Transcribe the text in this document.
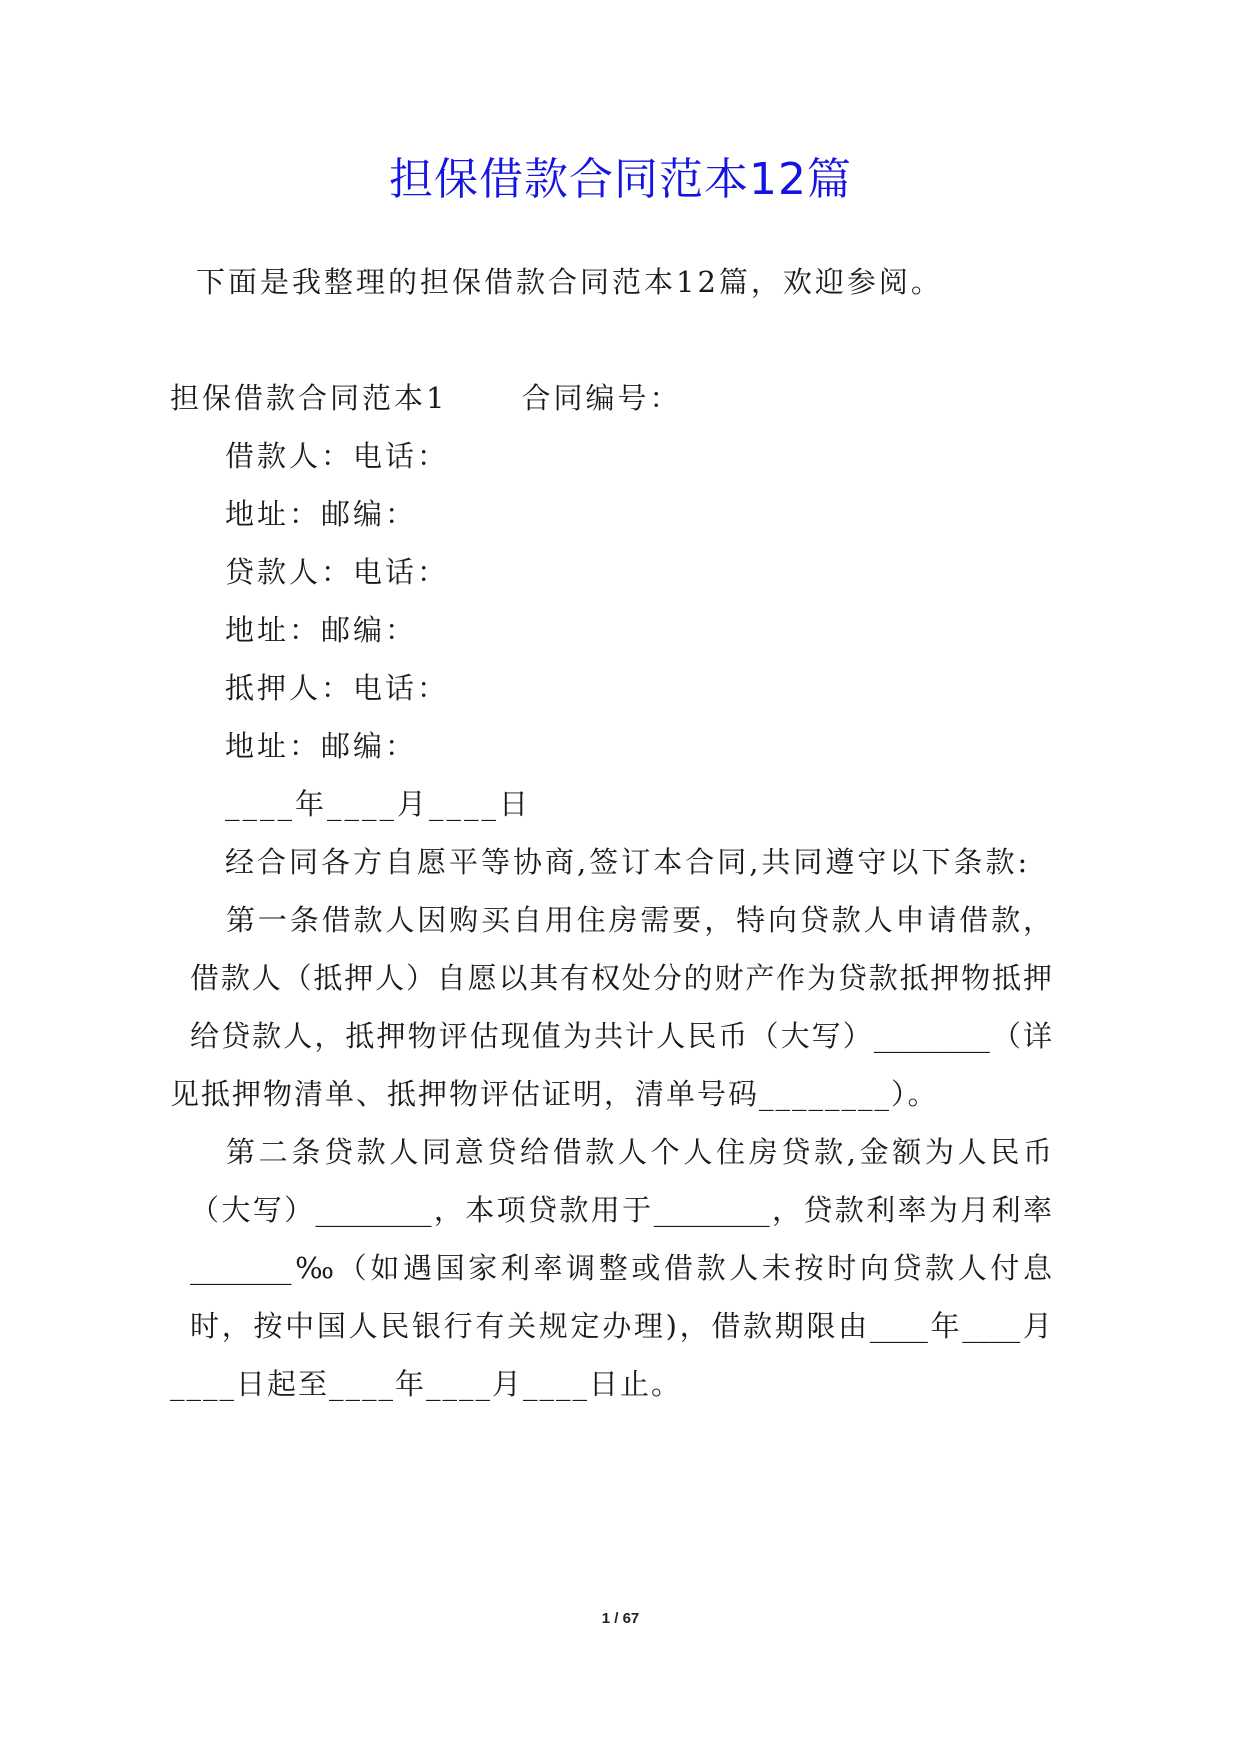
担保借款合同范本12篇
下面是我整理的担保借款合同范本12篇，欢迎参阅。
担保借款合同范本1	合同编号：
借款人：电话：
地址：邮编：
贷款人：电话：
地址：邮编：
抵押人：电话：
地址：邮编：
____年____月____日
经合同各方自愿平等协商,签订本合同,共同遵守以下条款:
第一条借款人因购买自用住房需要，特向贷款人申请借款，
借款人（抵押人）自愿以其有权处分的财产作为贷款抵押物抵押
给贷款人，抵押物评估现值为共计人民币（大写）________（详
见抵押物清单、抵押物评估证明，清单号码________）。
第二条贷款人同意贷给借款人个人住房贷款,金额为人民币
（大写）________，本项贷款用于________，贷款利率为月利率
_______‰（如遇国家利率调整或借款人未按时向贷款人付息
时，按中国人民银行有关规定办理)，借款期限由____年____月
____日起至____年____月____日止。
1 / 67
